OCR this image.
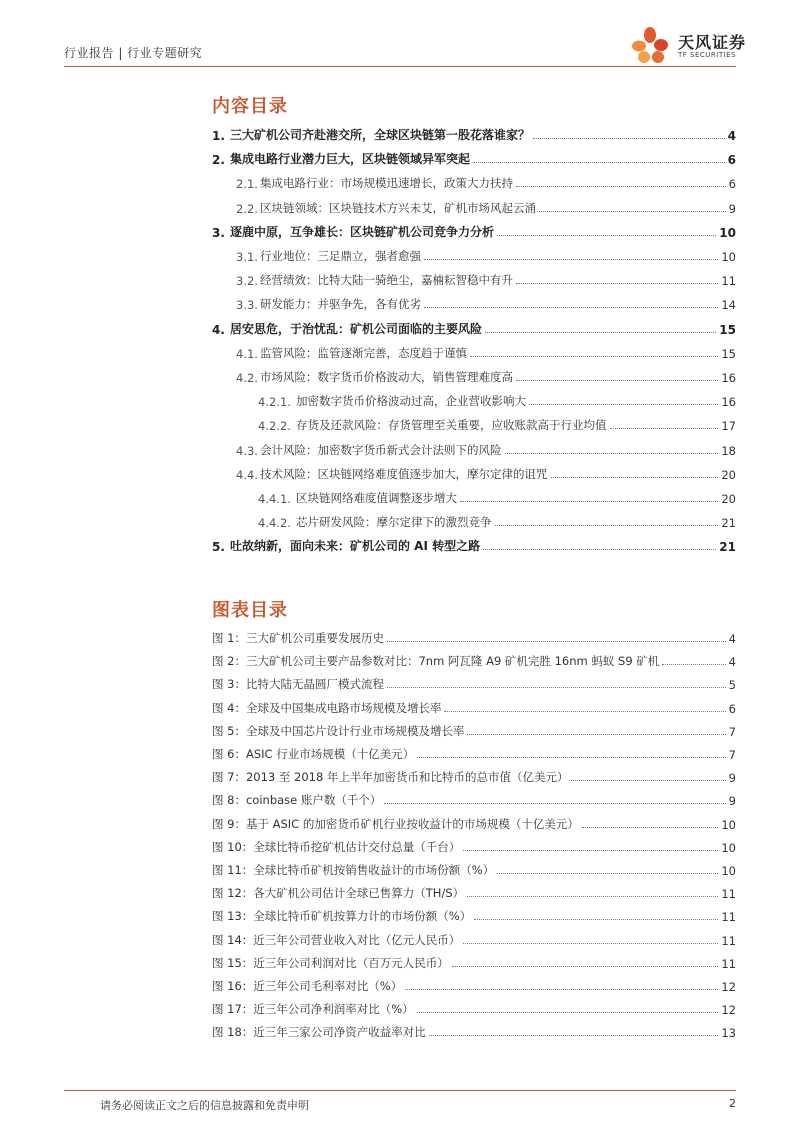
行业报告 | 行业专题研究
天风证券
TF SECURITIES
内容目录
1. 三大矿机公司齐赴港交所，全球区块链第一股花落谁家？	4
2. 集成电路行业潜力巨大，区块链领域异军突起	6
2.1. 集成电路行业：市场规模迅速增长，政策大力扶持	6
2.2. 区块链领域：区块链技术方兴未艾，矿机市场风起云涌	9
3. 逐鹿中原，互争雄长：区块链矿机公司竞争力分析	10
3.1. 行业地位：三足鼎立，强者愈强	10
3.2. 经营绩效：比特大陆一骑绝尘，嘉楠耘智稳中有升	11
3.3. 研发能力：并驱争先，各有优劣	14
4. 居安思危，于治忧乱：矿机公司面临的主要风险	15
4.1. 监管风险：监管逐渐完善，态度趋于谨慎	15
4.2. 市场风险：数字货币价格波动大，销售管理难度高	16
4.2.1. 加密数字货币价格波动过高，企业营收影响大	16
4.2.2. 存货及还款风险：存货管理至关重要，应收账款高于行业均值	17
4.3. 会计风险：加密数字货币新式会计法则下的风险	18
4.4. 技术风险：区块链网络难度值逐步加大，摩尔定律的诅咒	20
4.4.1. 区块链网络难度值调整逐步增大	20
4.4.2. 芯片研发风险：摩尔定律下的激烈竞争	21
5. 吐故纳新，面向未来：矿机公司的 AI 转型之路	21
图表目录
图 1：三大矿机公司重要发展历史	4
图 2：三大矿机公司主要产品参数对比：7nm 阿瓦隆 A9 矿机完胜 16nm 蚂蚁 S9 矿机	4
图 3：比特大陆无晶圆厂模式流程	5
图 4：全球及中国集成电路市场规模及增长率	6
图 5：全球及中国芯片设计行业市场规模及增长率	7
图 6：ASIC 行业市场规模（十亿美元）	7
图 7：2013 至 2018 年上半年加密货币和比特币的总市值（亿美元）	9
图 8：coinbase 账户数（千个）	9
图 9：基于 ASIC 的加密货币矿机行业按收益计的市场规模（十亿美元）	10
图 10：全球比特币挖矿机估计交付总量（千台）	10
图 11：全球比特币矿机按销售收益计的市场份额（%）	10
图 12：各大矿机公司估计全球已售算力（TH/S）	11
图 13：全球比特币矿机按算力计的市场份额（%）	11
图 14：近三年公司营业收入对比（亿元人民币）	11
图 15：近三年公司利润对比（百万元人民币）	11
图 16：近三年公司毛利率对比（%）	12
图 17：近三年公司净利润率对比（%）	12
图 18：近三年三家公司净资产收益率对比	13
请务必阅读正文之后的信息披露和免责申明	2
